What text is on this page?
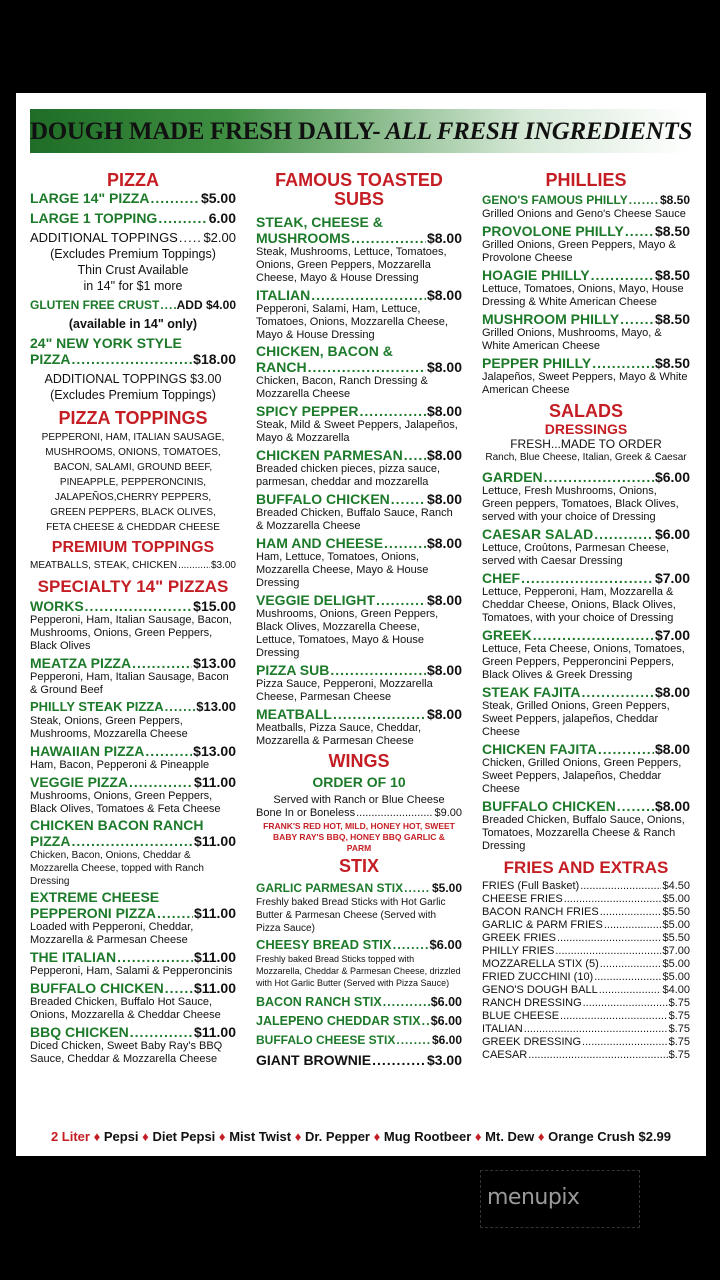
DOUGH MADE FRESH DAILY- ALL FRESH INGREDIENTS
PIZZA
LARGE 14" PIZZA .....	$5.00
LARGE 1 TOPPING .....	6.00
ADDITIONAL TOPPINGS ..... $2.00
(Excludes Premium Toppings)
Thin Crust Available
in 14" for $1 more
GLUTEN FREE CRUST ..... ADD $4.00
(available in 14" only)
24" NEW YORK STYLE
PIZZA .....	$18.00
ADDITIONAL TOPPINGS $3.00
(Excludes Premium Toppings)
PIZZA TOPPINGS
PEPPERONI, HAM, ITALIAN SAUSAGE,
MUSHROOMS, ONIONS, TOMATOES,
BACON, SALAMI, GROUND BEEF,
PINEAPPLE, PEPPERONCINIS,
JALAPEÑOS,CHERRY PEPPERS,
GREEN PEPPERS, BLACK OLIVES,
FETA CHEESE & CHEDDAR CHEESE
PREMIUM TOPPINGS
MEATBALLS, STEAK, CHICKEN .....	$3.00
SPECIALTY 14" PIZZAS
WORKS .....	$15.00
Pepperoni, Ham, Italian Sausage, Bacon, Mushrooms, Onions, Green Peppers, Black Olives
MEATZA PIZZA .....	$13.00
Pepperoni, Ham, Italian Sausage, Bacon & Ground Beef
PHILLY STEAK PIZZA .....	$13.00
Steak, Onions, Green Peppers, Mushrooms, Mozzarella Cheese
HAWAIIAN PIZZA .....	$13.00
Ham, Bacon, Pepperoni & Pineapple
VEGGIE PIZZA .....	$11.00
Mushrooms, Onions, Green Peppers, Black Olives, Tomatoes & Feta Cheese
CHICKEN BACON RANCH
PIZZA .....	$11.00
Chicken, Bacon, Onions, Cheddar & Mozzarella Cheese, topped with Ranch Dressing
EXTREME CHEESE
PEPPERONI PIZZA .....	$11.00
Loaded with Pepperoni, Cheddar, Mozzarella & Parmesan Cheese
THE ITALIAN .....	$11.00
Pepperoni, Ham, Salami & Pepperoncinis
BUFFALO CHICKEN ..... $11.00
Breaded Chicken, Buffalo Hot Sauce, Onions, Mozzarella & Cheddar Cheese
BBQ CHICKEN .....	$11.00
Diced Chicken, Sweet Baby Ray's BBQ Sauce, Cheddar & Mozzarella Cheese
FAMOUS TOASTED
SUBS
STEAK, CHEESE &
MUSHROOMS .....	$8.00
Steak, Mushrooms, Lettuce, Tomatoes, Onions, Green Peppers, Mozzarella Cheese, Mayo & House Dressing
ITALIAN .....	$8.00
Pepperoni, Salami, Ham, Lettuce, Tomatoes, Onions, Mozzarella Cheese, Mayo & House Dressing
CHICKEN, BACON &
RANCH .....	$8.00
Chicken, Bacon, Ranch Dressing & Mozzarella Cheese
SPICY PEPPER .....	$8.00
Steak, Mild & Sweet Peppers, Jalapeños, Mayo & Mozzarella
CHICKEN PARMESAN ..... $8.00
Breaded chicken pieces, pizza sauce, parmesan, cheddar and mozzarella
BUFFALO CHICKEN .....	$8.00
Breaded Chicken, Buffalo Sauce, Ranch & Mozzarella Cheese
HAM AND CHEESE .....	$8.00
Ham, Lettuce, Tomatoes, Onions, Mozzarella Cheese, Mayo & House Dressing
VEGGIE DELIGHT .....	$8.00
Mushrooms, Onions, Green Peppers, Black Olives, Mozzarella Cheese, Lettuce, Tomatoes, Mayo & House Dressing
PIZZA SUB .....	$8.00
Pizza Sauce, Pepperoni, Mozzarella Cheese, Parmesan Cheese
MEATBALL .....	$8.00
Meatballs, Pizza Sauce, Cheddar, Mozzarella & Parmesan Cheese
WINGS
ORDER OF 10
Served with Ranch or Blue Cheese
Bone In or Boneless .....	$9.00
FRANK'S RED HOT, MILD, HONEY HOT, SWEET BABY RAY'S BBQ, HONEY BBQ GARLIC & PARM
STIX
GARLIC PARMESAN STIX ..... $5.00
Freshly baked Bread Sticks with Hot Garlic Butter & Parmesan Cheese (Served with Pizza Sauce)
CHEESY BREAD STIX .....	$6.00
Freshly baked Bread Sticks topped with Mozzarella, Cheddar & Parmesan Cheese, drizzled with Hot Garlic Butter (Served with Pizza Sauce)
BACON RANCH STIX .....	$6.00
JALEPENO CHEDDAR STIX ..... $6.00
BUFFALO CHEESE STIX .....	$6.00
GIANT BROWNIE .....	$3.00
PHILLIES
GENO'S FAMOUS PHILLY .....	$8.50
Grilled Onions and Geno's Cheese Sauce
PROVOLONE PHILLY ..... $8.50
Grilled Onions, Green Peppers, Mayo & Provolone Cheese
HOAGIE PHILLY .....	$8.50
Lettuce, Tomatoes, Onions, Mayo, House Dressing & White American Cheese
MUSHROOM PHILLY .....	$8.50
Grilled Onions, Mushrooms, Mayo, & White American Cheese
PEPPER PHILLY .....	$8.50
Jalapeños, Sweet Peppers, Mayo & White American Cheese
SALADS
DRESSINGS
FRESH...MADE TO ORDER
Ranch, Blue Cheese, Italian, Greek & Caesar
GARDEN .....	$6.00
Lettuce, Fresh Mushrooms, Onions, Green peppers, Tomatoes, Black Olives, served with your choice of Dressing
CAESAR SALAD .....	$6.00
Lettuce, Croûtons, Parmesan Cheese, served with Caesar Dressing
CHEF .....	$7.00
Lettuce, Pepperoni, Ham, Mozzarella & Cheddar Cheese, Onions, Black Olives, Tomatoes, with your choice of Dressing
GREEK .....	$7.00
Lettuce, Feta Cheese, Onions, Tomatoes, Green Peppers, Pepperoncini Peppers, Black Olives & Greek Dressing
STEAK FAJITA .....	$8.00
Steak, Grilled Onions, Green Peppers, Sweet Peppers, jalapeños, Cheddar Cheese
CHICKEN FAJITA .....	$8.00
Chicken, Grilled Onions, Green Peppers, Sweet Peppers, Jalapeños, Cheddar Cheese
BUFFALO CHICKEN .....	$8.00
Breaded Chicken, Buffalo Sauce, Onions, Tomatoes, Mozzarella Cheese & Ranch Dressing
FRIES AND EXTRAS
FRIES (Full Basket) .....	$4.50
CHEESE FRIES .....	$5.00
BACON RANCH FRIES .....	$5.50
GARLIC & PARM FRIES .....	$5.00
GREEK FRIES .....	$5.50
PHILLY FRIES .....	$7.00
MOZZARELLA STIX (5) .....	$5.00
FRIED ZUCCHINI (10) .....	$5.00
GENO'S DOUGH BALL .....	$4.00
RANCH DRESSING .....	$.75
BLUE CHEESE .....	$.75
ITALIAN .....	$.75
GREEK DRESSING .....	$.75
CAESAR .....	$.75
2 Liter ♦ Pepsi ♦ Diet Pepsi ♦ Mist Twist ♦ Dr. Pepper ♦ Mug Rootbeer ♦ Mt. Dew ♦ Orange Crush $2.99
menupix
